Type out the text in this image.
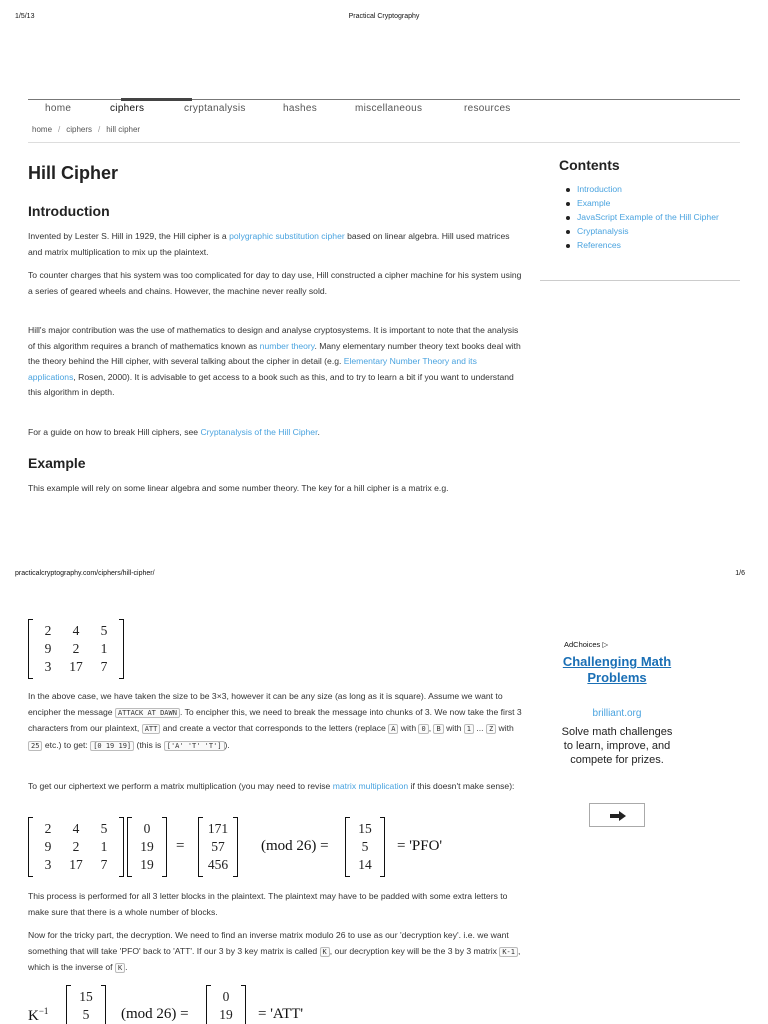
1/5/13	Practical Cryptography
home	ciphers	cryptanalysis	hashes	miscellaneous	resources
home / ciphers / hill cipher
Hill Cipher
Introduction

Invented by Lester S. Hill in 1929, the Hill cipher is a polygraphic substitution cipher based on linear algebra. Hill used matrices and matrix multiplication to mix up the plaintext.

To counter charges that his system was too complicated for day to day use, Hill constructed a cipher machine for his system using a series of geared wheels and chains. However, the machine never really sold.

Hill's major contribution was the use of mathematics to design and analyse cryptosystems. It is important to note that the analysis of this algorithm requires a branch of mathematics known as number theory. Many elementary number theory text books deal with the theory behind the Hill cipher, with several talking about the cipher in detail (e.g. Elementary Number Theory and its applications, Rosen, 2000). It is advisable to get access to a book such as this, and to try to learn a bit if you want to understand this algorithm in depth.

For a guide on how to break Hill ciphers, see Cryptanalysis of the Hill Cipher.

Example

This example will rely on some linear algebra and some number theory. The key for a hill cipher is a matrix e.g.

Contents
Introduction
Example
JavaScript Example of the Hill Cipher
Cryptanalysis
References
practicalcryptography.com/ciphers/hill-cipher/	1/6
2	4	5
9	2	1
3	17	7

In the above case, we have taken the size to be 3×3, however it can be any size (as long as it is square). Assume we want to encipher the message ATTACK AT DAWN . To encipher this, we need to break the message into chunks of 3. We now take the first 3 characters from our plaintext, ATT and create a vector that corresponds to the letters (replace A with 0 , B with 1 ... Z with 25 etc.) to get: [0 19 19] (this is ['A' 'T' 'T'] ).

To get our ciphertext we perform a matrix multiplication (you may need to revise matrix multiplication if this doesn't make sense):

2	4	5
9	2	1
3	17	7
0
19
19
=
171
57
456
(mod 26) =
15
5
14
= 'PFO'

This process is performed for all 3 letter blocks in the plaintext. The plaintext may have to be padded with some extra letters to make sure that there is a whole number of blocks.

Now for the tricky part, the decryption. We need to find an inverse matrix modulo 26 to use as our 'decryption key'. i.e. we want something that will take 'PFO' back to 'ATT'. If our 3 by 3 key matrix is called K , our decryption key will be the 3 by 3 matrix K-1 , which is the inverse of K .

$K^{-1}$
15
5 (mod 26) =
0
19 = 'ATT'
AdChoices ▷
Challenging Math Problems
brilliant.org
Solve math challenges to learn, improve, and compete for prizes.
